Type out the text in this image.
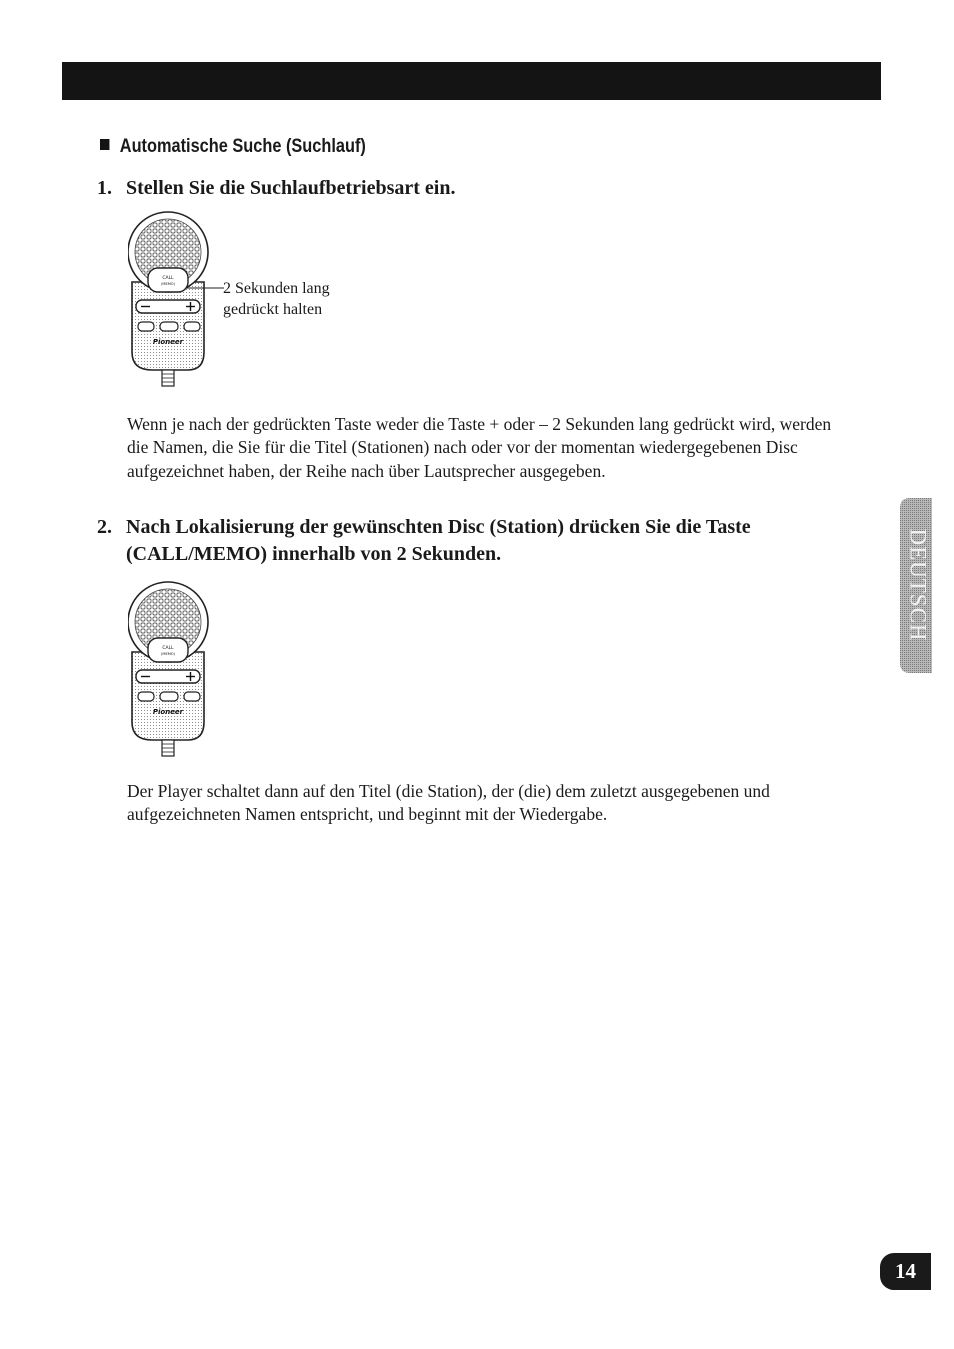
Automatische Suche (Suchlauf)
1. Stellen Sie die Suchlaufbetriebsart ein.
CALL
(MEMO)
Pioneer
2 Sekunden lang
gedrückt halten

Wenn je nach der gedrückten Taste weder die Taste + oder – 2 Sekunden lang gedrückt wird, werden die Namen, die Sie für die Titel (Stationen) nach oder vor der momentan wiedergegebenen Disc aufgezeichnet haben, der Reihe nach über Lautsprecher ausgegeben.

2. Nach Lokalisierung der gewünschten Disc (Station) drücken Sie die Taste
(CALL/MEMO) innerhalb von 2 Sekunden.
CALL
(MEMO)
Pioneer

Der Player schaltet dann auf den Titel (die Station), der (die) dem zuletzt ausgegebenen und aufgezeichneten Namen entspricht, und beginnt mit der Wiedergabe.

DEUTSCH
14
